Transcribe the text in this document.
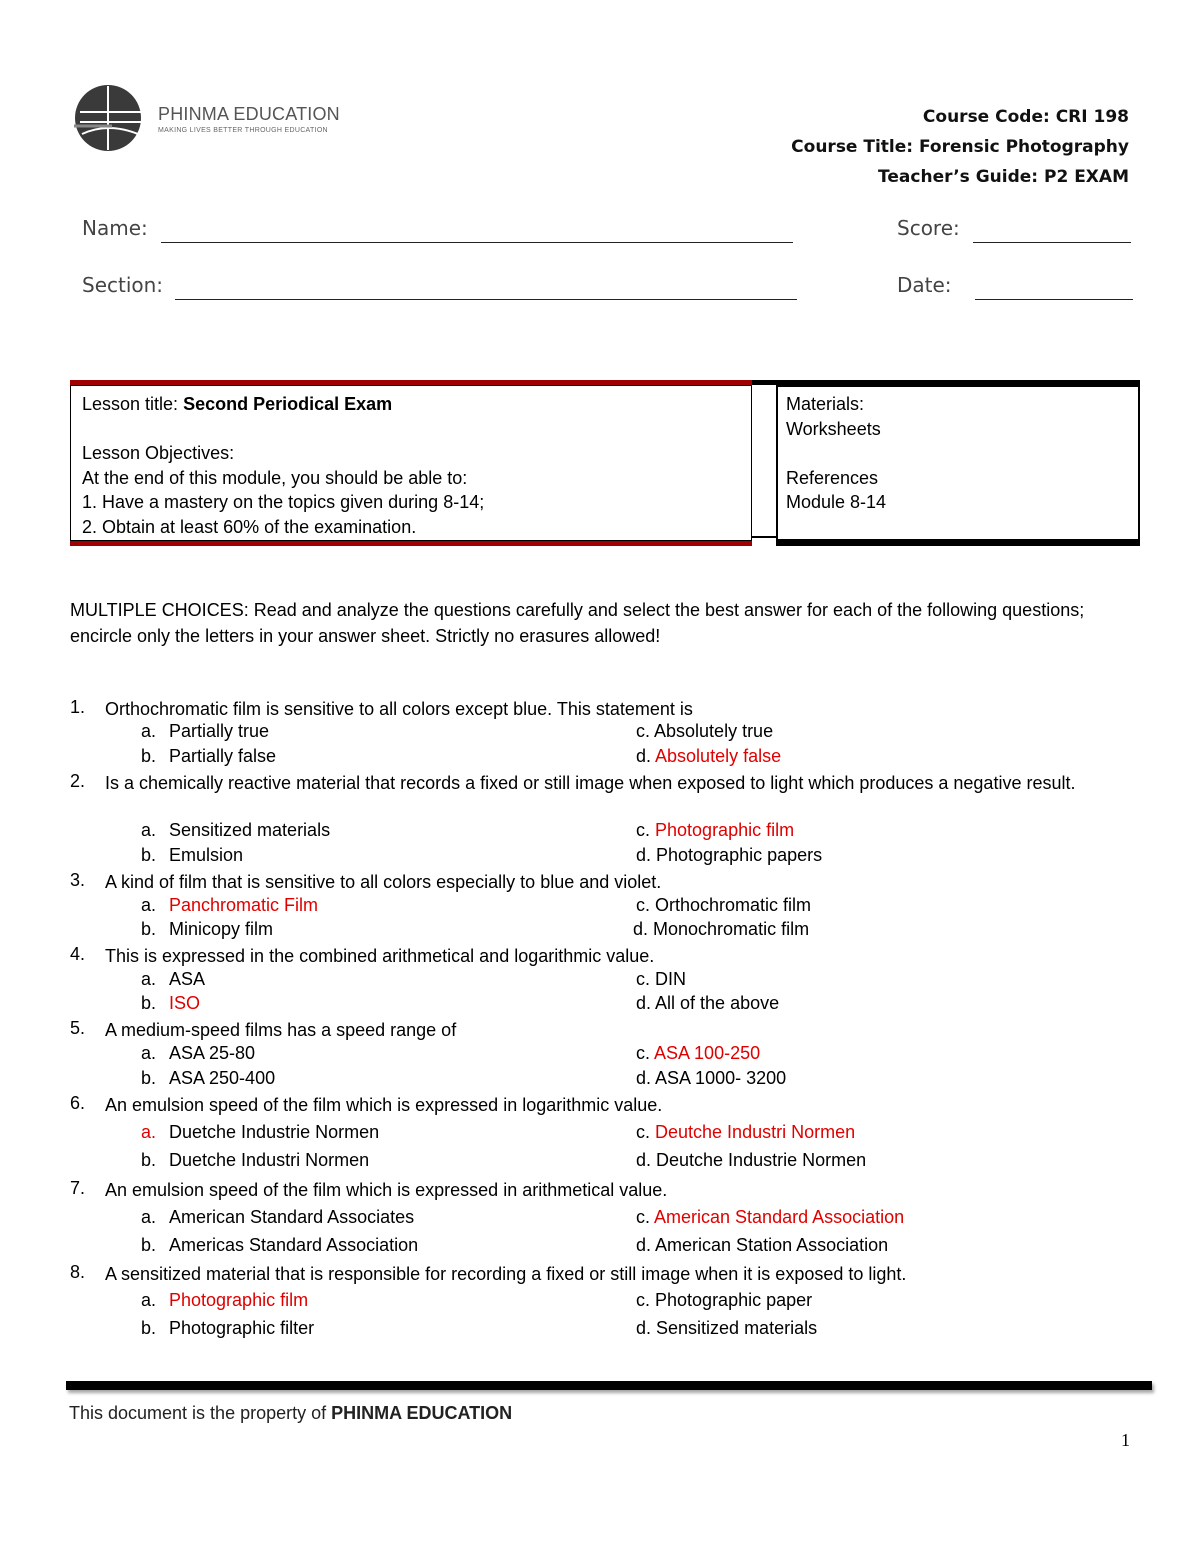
PHINMA EDUCATION
MAKING LIVES BETTER THROUGH EDUCATION
Course Code: CRI 198
Course Title: Forensic Photography
Teacher’s Guide: P2 EXAM
Name:	Score:
Section:	Date:
Lesson title: Second Periodical Exam

Lesson Objectives:
At the end of this module, you should be able to:
1. Have a mastery on the topics given during 8-14;
2. Obtain at least 60% of the examination.
Materials:
Worksheets

References
Module 8-14
MULTIPLE CHOICES: Read and analyze the questions carefully and select the best answer for each of the following questions; encircle only the letters in your answer sheet. Strictly no erasures allowed!
1. Orthochromatic film is sensitive to all colors except blue. This statement is
a. Partially true	c. Absolutely true
b. Partially false	d. Absolutely false
2. Is a chemically reactive material that records a fixed or still image when exposed to light which produces a negative result.
a. Sensitized materials	c. Photographic film
b. Emulsion	d. Photographic papers
3. A kind of film that is sensitive to all colors especially to blue and violet.
a. Panchromatic Film	c. Orthochromatic film
b. Minicopy film	d. Monochromatic film
4. This is expressed in the combined arithmetical and logarithmic value.
a. ASA	c. DIN
b. ISO	d. All of the above
5. A medium-speed films has a speed range of
a. ASA 25-80	c. ASA 100-250
b. ASA 250-400	d. ASA 1000- 3200
6. An emulsion speed of the film which is expressed in logarithmic value.
a. Duetche Industrie Normen	c. Deutche Industri Normen
b. Duetche Industri Normen	d. Deutche Industrie Normen
7. An emulsion speed of the film which is expressed in arithmetical value.
a. American Standard Associates	c. American Standard Association
b. Americas Standard Association	d. American Station Association
8. A sensitized material that is responsible for recording a fixed or still image when it is exposed to light.
a. Photographic film	c. Photographic paper
b. Photographic filter	d. Sensitized materials
This document is the property of PHINMA EDUCATION
1
